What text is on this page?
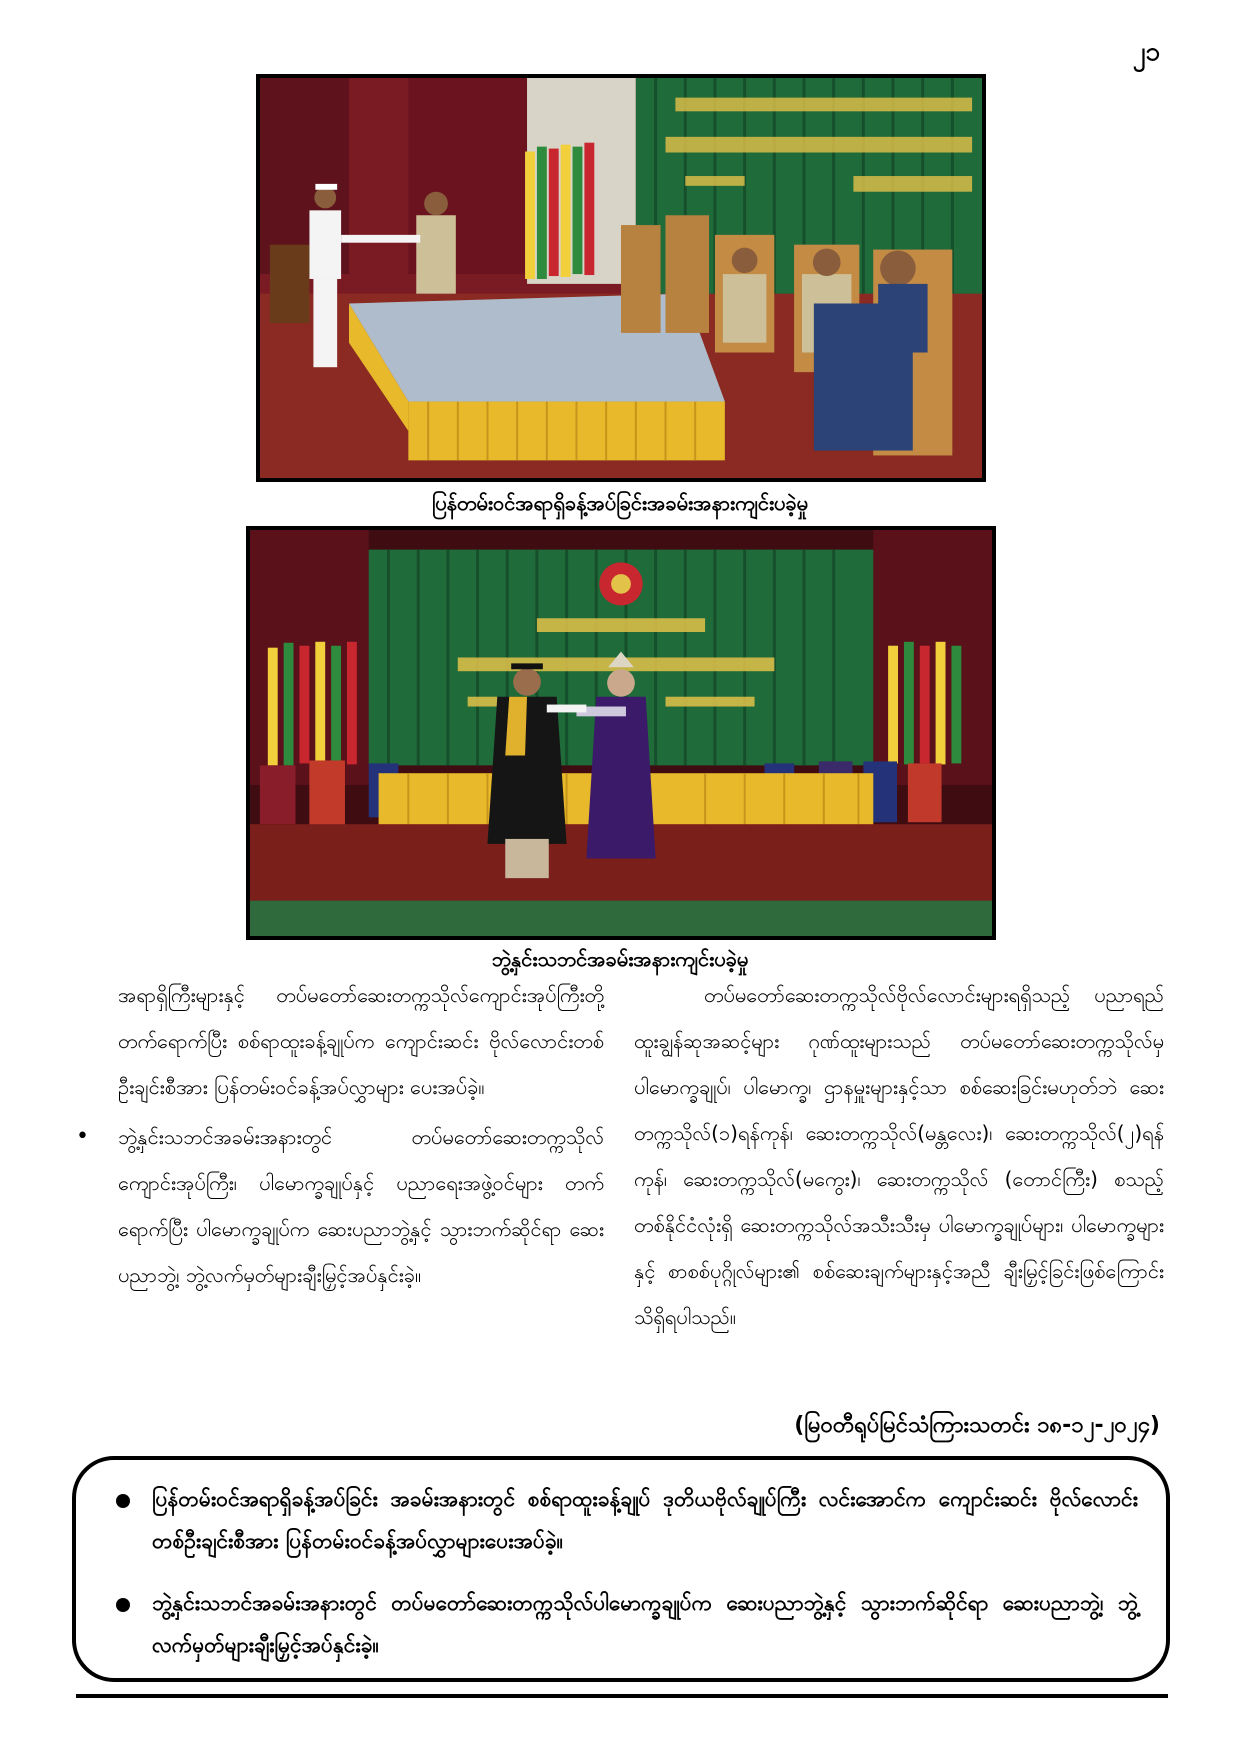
၂၁
ပြန်တမ်းဝင်အရာရှိခန့်အပ်ခြင်းအခမ်းအနားကျင်းပခဲ့မှု
ဘွဲ့နှင်းသဘင်အခမ်းအနားကျင်းပခဲ့မှု

အရာရှိကြီးများနှင့် တပ်မတော်ဆေးတက္ကသိုလ်ကျောင်းအုပ်ကြီးတို့ တက်ရောက်ပြီး စစ်ရာထူးခန့်ချုပ်က ကျောင်းဆင်း ဗိုလ်လောင်းတစ်ဦးချင်းစီအား ပြန်တမ်းဝင်ခန့်အပ်လွှာများ ပေးအပ်ခဲ့။

• ဘွဲ့နှင်းသဘင်အခမ်းအနားတွင် တပ်မတော်ဆေးတက္ကသိုလ်ကျောင်းအုပ်ကြီး၊ ပါမောက္ခချုပ်နှင့် ပညာရေးအဖွဲ့ဝင်များ တက်ရောက်ပြီး ပါမောက္ခချုပ်က ဆေးပညာဘွဲ့နှင့် သွားဘက်ဆိုင်ရာ ဆေးပညာဘွဲ့၊ ဘွဲ့လက်မှတ်များချီးမြှင့်အပ်နှင်းခဲ့။

တပ်မတော်ဆေးတက္ကသိုလ်ဗိုလ်လောင်းများရရှိသည့် ပညာရည်ထူးချွန်ဆုအဆင့်များ ဂုဏ်ထူးများသည် တပ်မတော်ဆေးတက္ကသိုလ်မှ ပါမောက္ခချုပ်၊ ပါမောက္ခ၊ ဌာနမှူးများနှင့်သာ စစ်ဆေးခြင်းမဟုတ်ဘဲ ဆေးတက္ကသိုလ်(၁)ရန်ကုန်၊ ဆေးတက္ကသိုလ်(မန္တလေး)၊ ဆေးတက္ကသိုလ်(၂)ရန်ကုန်၊ ဆေးတက္ကသိုလ်(မကွေး)၊ ဆေးတက္ကသိုလ် (တောင်ကြီး) စသည့် တစ်နိုင်ငံလုံးရှိ ဆေးတက္ကသိုလ်အသီးသီးမှ ပါမောက္ခချုပ်များ၊ ပါမောက္ခများနှင့် စာစစ်ပုဂ္ဂိုလ်များ၏ စစ်ဆေးချက်များနှင့်အညီ ချီးမြှင့်ခြင်းဖြစ်ကြောင်း သိရှိရပါသည်။

(မြဝတီရုပ်မြင်သံကြားသတင်း ၁၈-၁၂-၂၀၂၄)
ပြန်တမ်းဝင်အရာရှိခန့်အပ်ခြင်း အခမ်းအနားတွင် စစ်ရာထူးခန့်ချုပ် ဒုတိယဗိုလ်ချုပ်ကြီး လင်းအောင်က ကျောင်းဆင်း ဗိုလ်လောင်းတစ်ဦးချင်းစီအား ပြန်တမ်းဝင်ခန့်အပ်လွှာများပေးအပ်ခဲ့။
ဘွဲ့နှင်းသဘင်အခမ်းအနားတွင် တပ်မတော်ဆေးတက္ကသိုလ်ပါမောက္ခချုပ်က ဆေးပညာဘွဲ့နှင့် သွားဘက်ဆိုင်ရာ ဆေးပညာဘွဲ့၊ ဘွဲ့လက်မှတ်များချီးမြှင့်အပ်နှင်းခဲ့။
